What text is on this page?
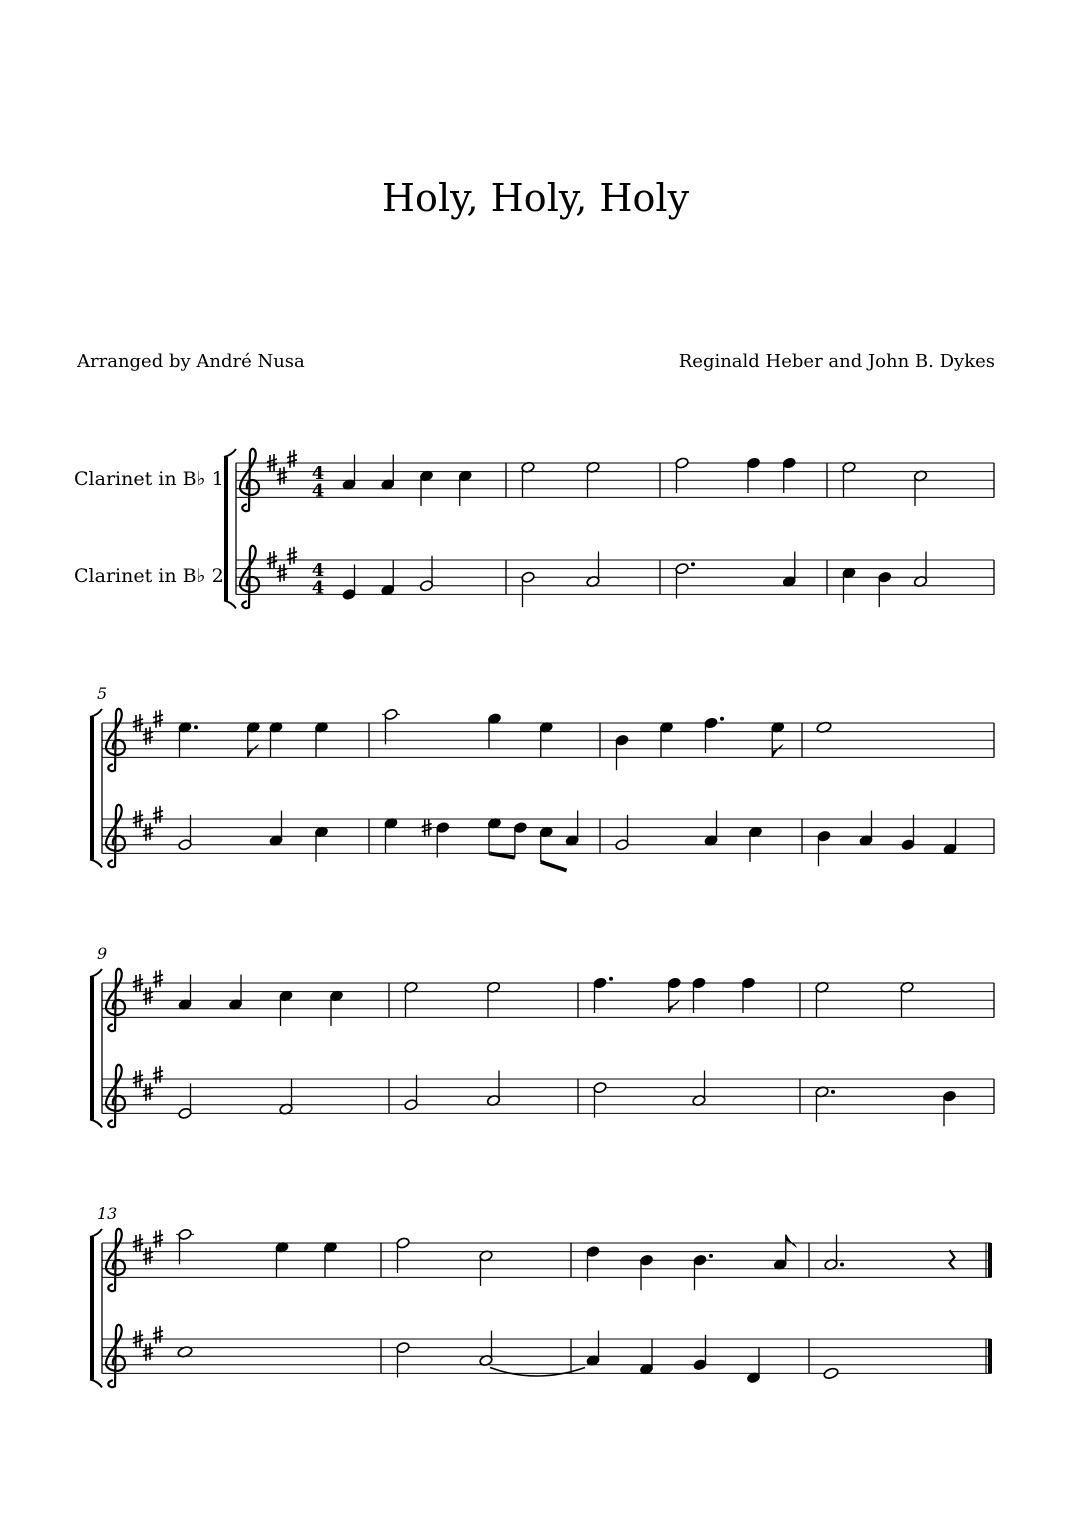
Holy, Holy, Holy
Arranged by André Nusa	Reginald Heber and John B. Dykes
Clarinet in B♭ 1
Clarinet in B♭ 2
5
9
13
4
4
4
4
